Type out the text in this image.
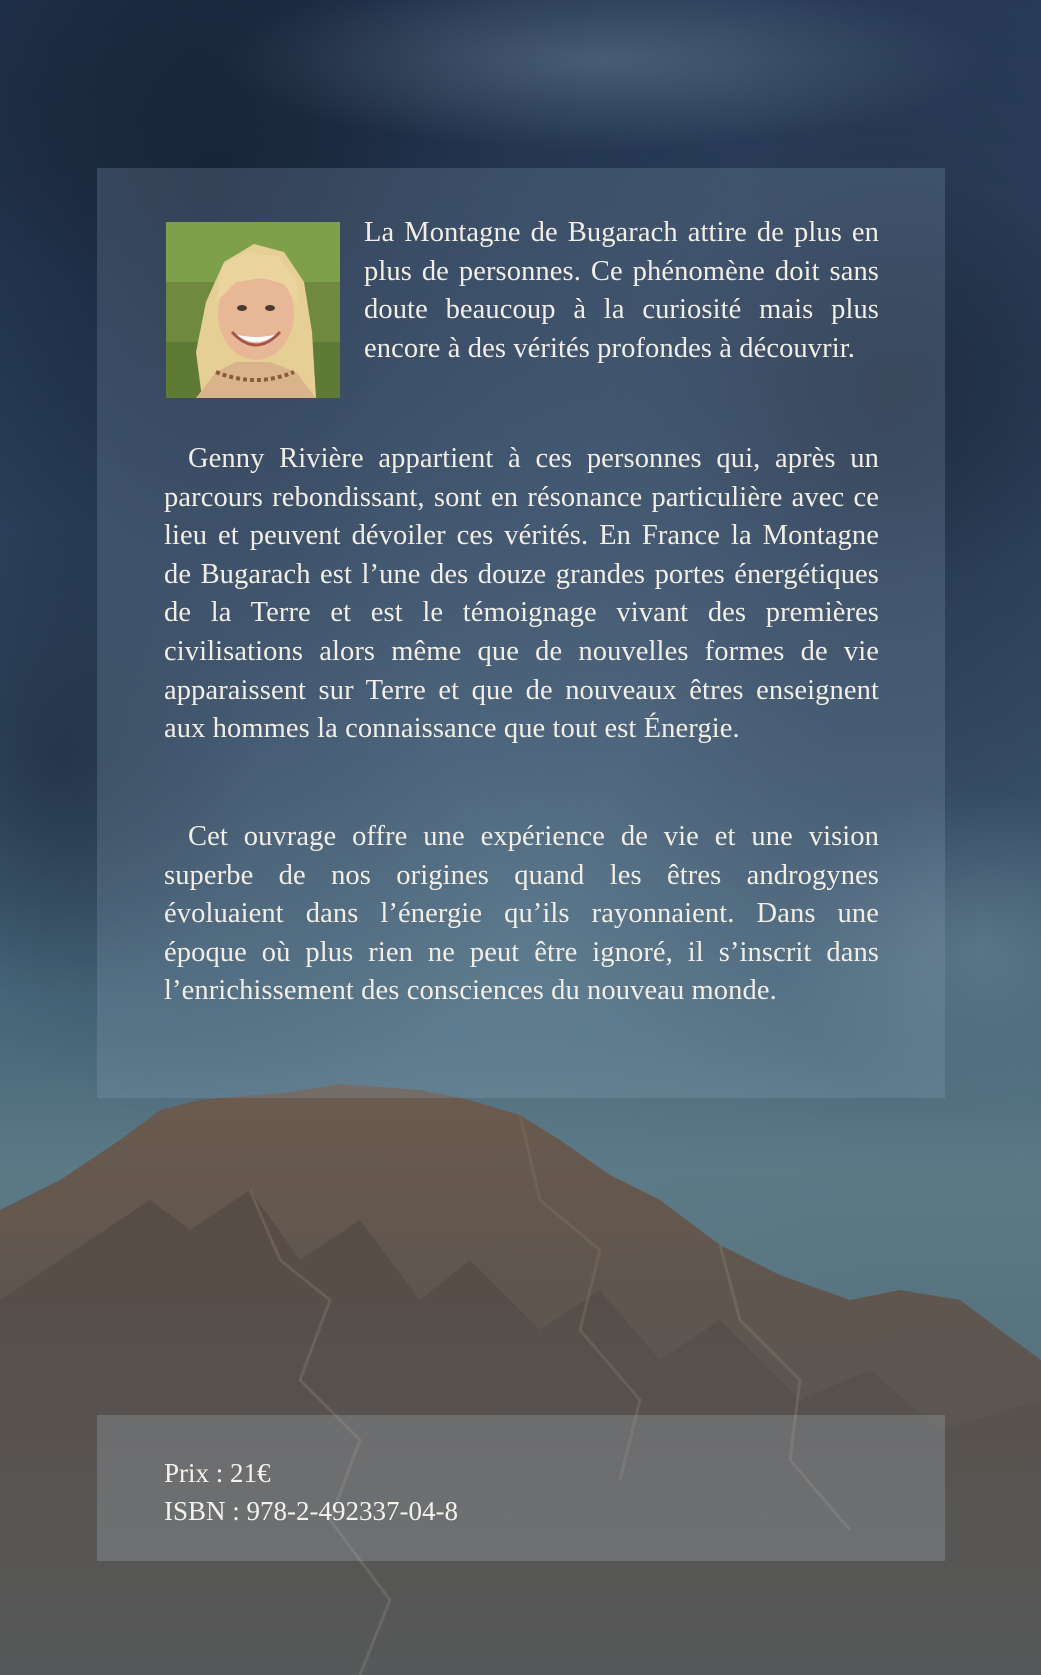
La Montagne de Bugarach attire de plus en plus de personnes. Ce phénomène doit sans doute beaucoup à la curiosité mais plus encore à des vérités profondes à découvrir.

Genny Rivière appartient à ces personnes qui, après un parcours rebondissant, sont en résonance particulière avec ce lieu et peuvent dévoiler ces vérités. En France la Montagne de Bugarach est l’une des douze grandes portes énergétiques de la Terre et est le témoignage vivant des premières civilisations alors même que de nouvelles formes de vie apparaissent sur Terre et que de nouveaux êtres enseignent aux hommes la connaissance que tout est Énergie.

Cet ouvrage offre une expérience de vie et une vision superbe de nos origines quand les êtres androgynes évoluaient dans l’énergie qu’ils rayonnaient. Dans une époque où plus rien ne peut être ignoré, il s’inscrit dans l’enrichissement des consciences du nouveau monde.

Prix : 21€

ISBN : 978-2-492337-04-8
